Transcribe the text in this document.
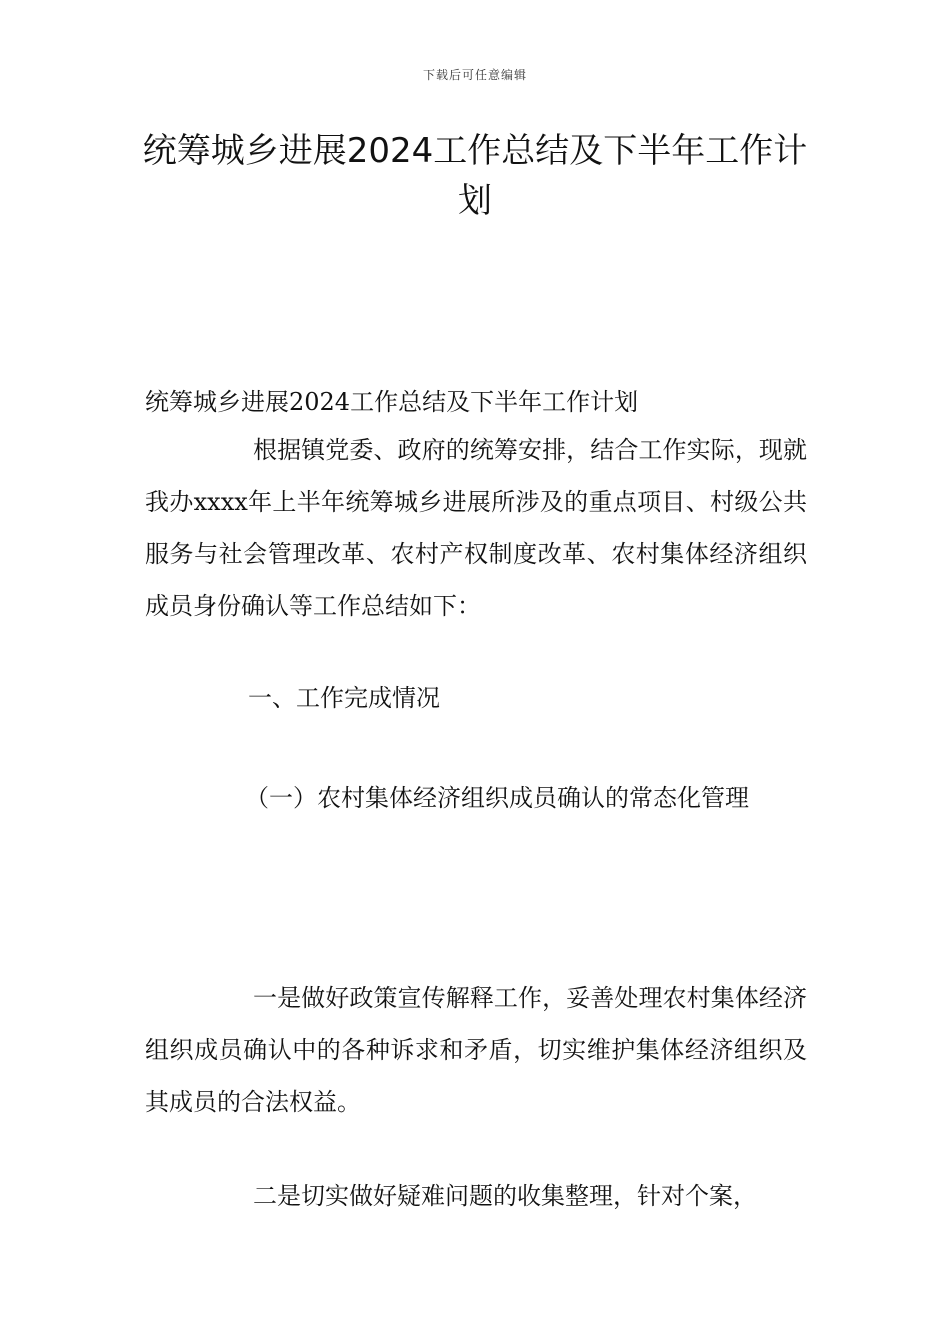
下载后可任意编辑
统筹城乡进展2024工作总结及下半年工作计划

统筹城乡进展2024工作总结及下半年工作计划

根据镇党委、政府的统筹安排，结合工作实际，现就我办xxxx年上半年统筹城乡进展所涉及的重点项目、村级公共服务与社会管理改革、农村产权制度改革、农村集体经济组织成员身份确认等工作总结如下：

一、工作完成情况

（一）农村集体经济组织成员确认的常态化管理

一是做好政策宣传解释工作，妥善处理农村集体经济组织成员确认中的各种诉求和矛盾，切实维护集体经济组织及其成员的合法权益。

二是切实做好疑难问题的收集整理，针对个案，
